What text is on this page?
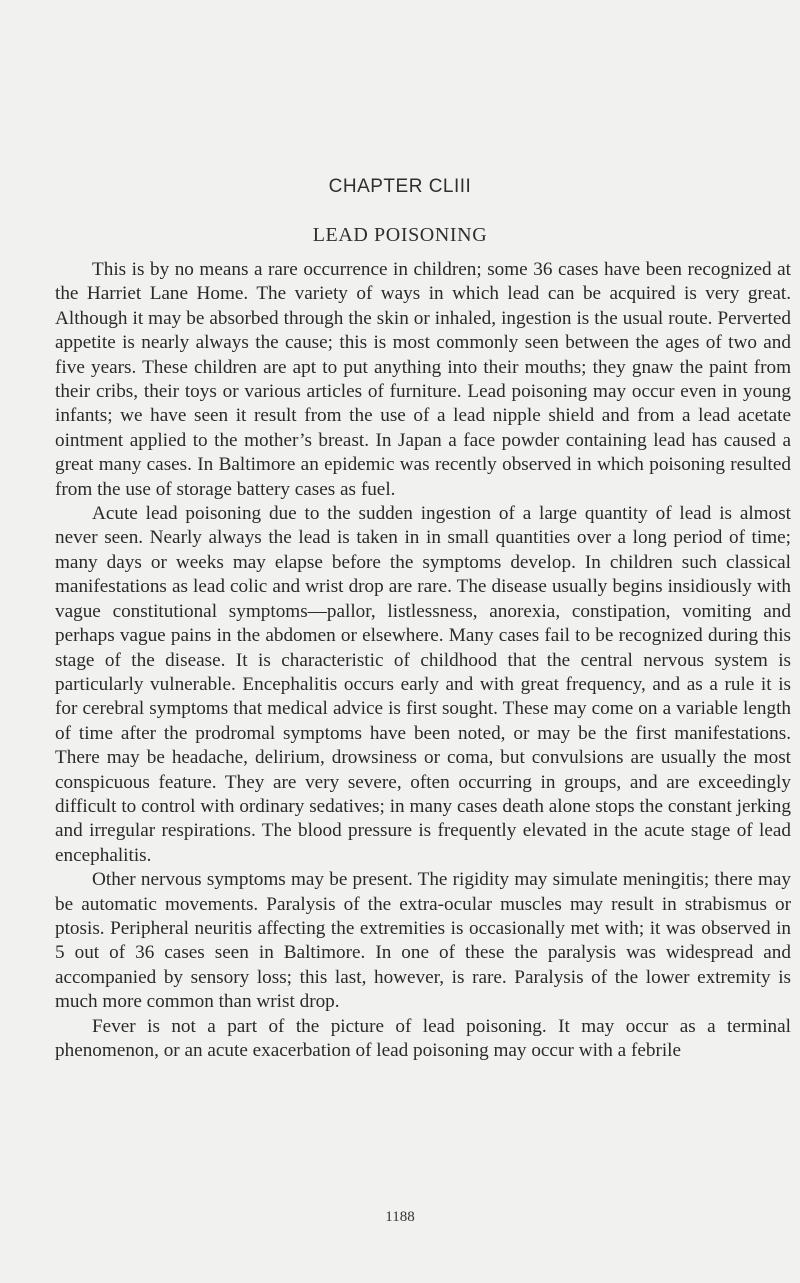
CHAPTER CLIII
LEAD POISONING

This is by no means a rare occurrence in children; some 36 cases have been recognized at the Harriet Lane Home. The variety of ways in which lead can be acquired is very great. Although it may be absorbed through the skin or inhaled, ingestion is the usual route. Perverted appetite is nearly always the cause; this is most commonly seen between the ages of two and five years. These children are apt to put anything into their mouths; they gnaw the paint from their cribs, their toys or various articles of furniture. Lead poisoning may occur even in young infants; we have seen it result from the use of a lead nipple shield and from a lead acetate ointment applied to the mother’s breast. In Japan a face powder containing lead has caused a great many cases. In Baltimore an epidemic was recently observed in which poisoning resulted from the use of storage battery cases as fuel.

Acute lead poisoning due to the sudden ingestion of a large quantity of lead is almost never seen. Nearly always the lead is taken in in small quantities over a long period of time; many days or weeks may elapse before the symptoms develop. In children such classical manifestations as lead colic and wrist drop are rare. The disease usually begins insidiously with vague constitutional symptoms—pallor, listlessness, anorexia, constipation, vomiting and perhaps vague pains in the abdomen or elsewhere. Many cases fail to be recognized during this stage of the disease. It is characteristic of childhood that the central nervous system is particularly vulnerable. Encephalitis occurs early and with great frequency, and as a rule it is for cerebral symptoms that medical advice is first sought. These may come on a variable length of time after the prodromal symptoms have been noted, or may be the first manifestations. There may be headache, delirium, drowsiness or coma, but convulsions are usually the most conspicuous feature. They are very severe, often occurring in groups, and are exceedingly difficult to control with ordinary sedatives; in many cases death alone stops the constant jerking and irregular respirations. The blood pressure is frequently elevated in the acute stage of lead encephalitis.

Other nervous symptoms may be present. The rigidity may simulate meningitis; there may be automatic movements. Paralysis of the extra-ocular muscles may result in strabismus or ptosis. Peripheral neuritis affecting the extremities is occasionally met with; it was observed in 5 out of 36 cases seen in Baltimore. In one of these the paralysis was widespread and accompanied by sensory loss; this last, however, is rare. Paralysis of the lower extremity is much more common than wrist drop.

Fever is not a part of the picture of lead poisoning. It may occur as a terminal phenomenon, or an acute exacerbation of lead poisoning may occur with a febrile

1188
